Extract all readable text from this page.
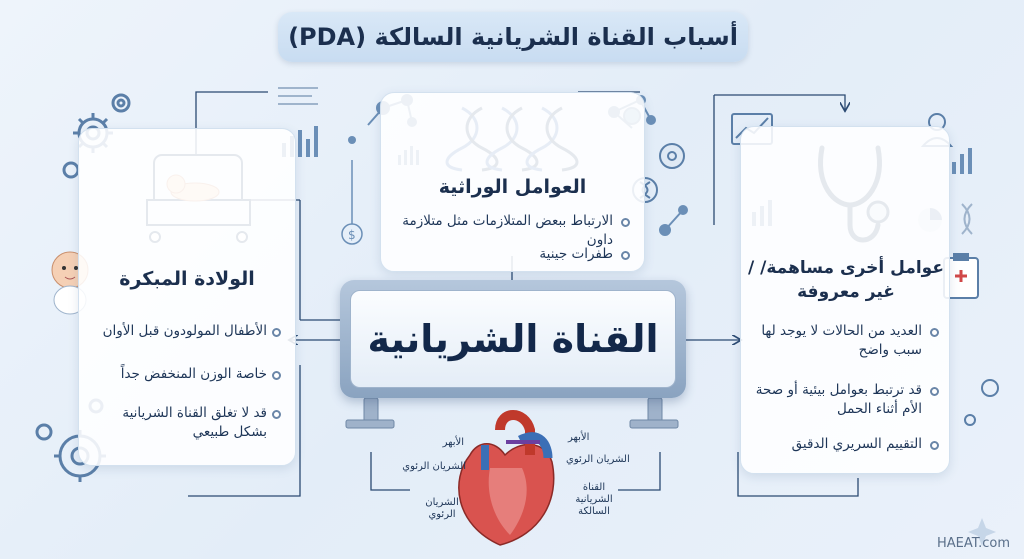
$
أسباب القناة الشريانية السالكة (PDA)
العوامل الوراثية
الارتباط ببعض المتلازمات مثل متلازمة داون
طفرات جينية
الولادة المبكرة
الأطفال المولودون قبل الأوان
خاصة الوزن المنخفض جداً
قد لا تغلق القناة الشريانية بشكل طبيعي
عوامل أخرى مساهمة/ /غير معروفة
العديد من الحالات لا يوجد لها سبب واضح
قد ترتبط بعوامل بيئية أو صحة الأم أثناء الحمل
التقييم السريري الدقيق
القناة الشريانية
الأبهر
الشريان الرئوي
الشريان الرئوي
الأبهر
الشريان الرئوي
القناة الشريانية السالكة
HAEAT.com
